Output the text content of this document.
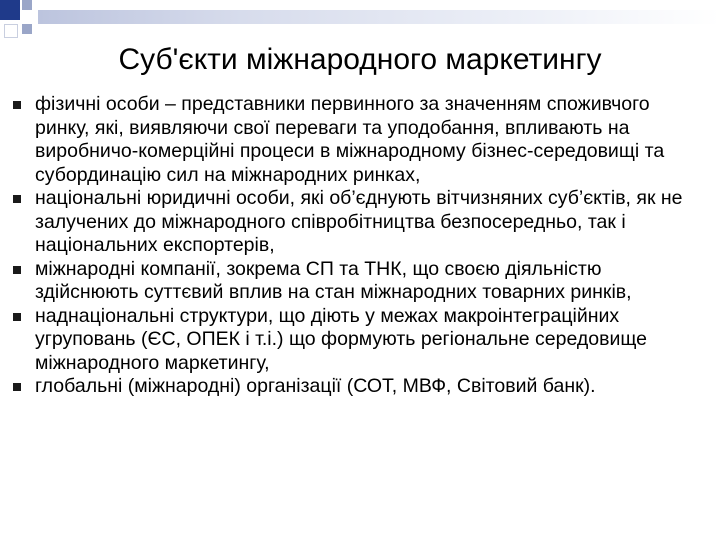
Суб'єкти міжнародного маркетингу
фізичні особи – представники первинного за значенням споживчого ринку, які, виявляючи свої переваги та уподобання, впливають на виробничо-комерційні процеси в міжнародному бізнес-середовищі та субординацію сил на міжнародних ринках,
національні юридичні особи, які об’єднують вітчизняних суб’єктів, як не залучених до міжнародного співробітництва безпосередньо, так і національних експортерів,
міжнародні компанії, зокрема СП та ТНК, що своєю діяльністю здійснюють суттєвий вплив на стан міжнародних товарних ринків,
наднаціональні структури, що діють у межах макроінтеграційних угруповань (ЄС, ОПЕК і т.і.) що формують регіональне середовище міжнародного маркетингу,
глобальні (міжнародні) організації (СОТ, МВФ, Світовий банк).
